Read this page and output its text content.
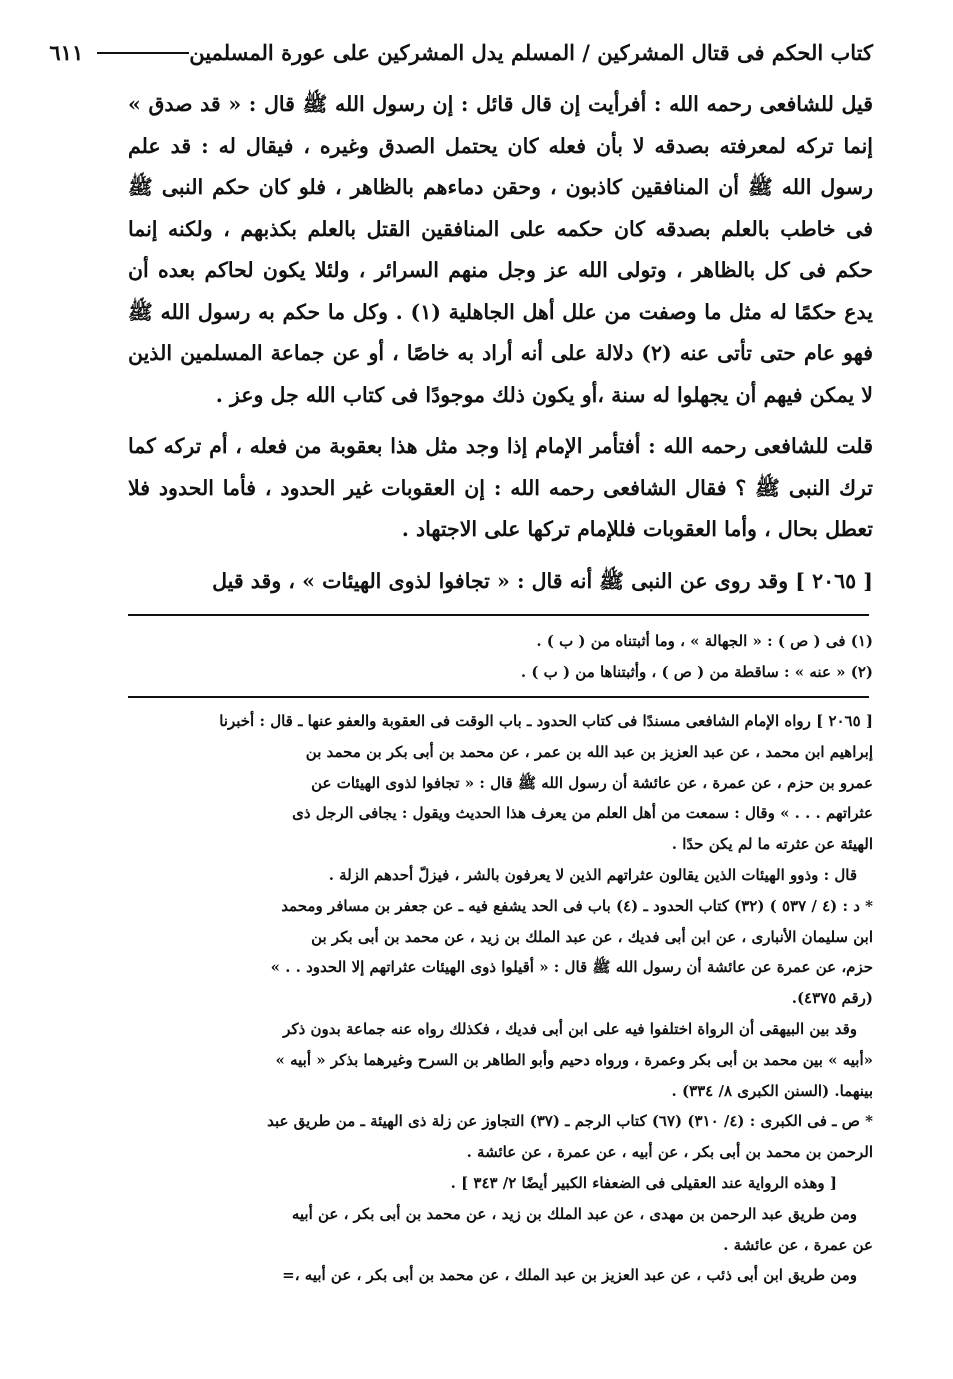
كتاب الحكم فى قتال المشركين / المسلم يدل المشركين على عورة المسلمين
٦١١

قيل للشافعى رحمه الله : أفرأيت إن قال قائل : إن رسول الله ﷺ قال : « قد صدق » إنما تركه لمعرفته بصدقه لا بأن فعله كان يحتمل الصدق وغيره ، فيقال له : قد علم رسول الله ﷺ أن المنافقين كاذبون ، وحقن دماءهم بالظاهر ، فلو كان حكم النبى ﷺ فى خاطب بالعلم بصدقه كان حكمه على المنافقين القتل بالعلم بكذبهم ، ولكنه إنما حكم فى كل بالظاهر ، وتولى الله عز وجل منهم السرائر ، ولئلا يكون لحاكم بعده أن يدع حكمًا له مثل ما وصفت من علل أهل الجاهلية (١) . وكل ما حكم به رسول الله ﷺ فهو عام حتى تأتى عنه (٢) دلالة على أنه أراد به خاصًا ، أو عن جماعة المسلمين الذين لا يمكن فيهم أن يجهلوا له سنة ،أو يكون ذلك موجودًا فى كتاب الله جل وعز .

قلت للشافعى رحمه الله : أفتأمر الإمام إذا وجد مثل هذا بعقوبة من فعله ، أم تركه كما ترك النبى ﷺ ؟ فقال الشافعى رحمه الله : إن العقوبات غير الحدود ، فأما الحدود فلا تعطل بحال ، وأما العقوبات فللإمام تركها على الاجتهاد .

[ ٢٠٦٥ ] وقد روى عن النبى ﷺ أنه قال : « تجافوا لذوى الهيئات » ، وقد قيل

(١) فى ( ص ) : « الجهالة » ، وما أثبتناه من ( ب ) .

(٢) « عنه » : ساقطة من ( ص ) ، وأثبتناها من ( ب ) .

[ ٢٠٦٥ ] رواه الإمام الشافعى مسندًا فى كتاب الحدود ـ باب الوقت فى العقوبة والعفو عنها ـ قال : أخبرنا

إبراهيم ابن محمد ، عن عبد العزيز بن عبد الله بن عمر ، عن محمد بن أبى بكر بن محمد بن

عمرو بن حزم ، عن عمرة ، عن عائشة أن رسول الله ﷺ قال : « تجافوا لذوى الهيئات عن

عثراتهم . . . » وقال : سمعت من أهل العلم من يعرف هذا الحديث ويقول : يجافى الرجل ذى

الهيئة عن عثرته ما لم يكن حدًا .

قال : وذوو الهيئات الذين يقالون عثراتهم الذين لا يعرفون بالشر ، فيزلّ أحدهم الزلة .

* د : (٤ / ٥٣٧ ) (٣٢) كتاب الحدود ـ (٤) باب فى الحد يشفع فيه ـ عن جعفر بن مسافر ومحمد

ابن سليمان الأنبارى ، عن ابن أبى فديك ، عن عبد الملك بن زيد ، عن محمد بن أبى بكر بن

حزم، عن عمرة عن عائشة أن رسول الله ﷺ قال : « أقيلوا ذوى الهيئات عثراتهم إلا الحدود . . »

(رقم ٤٣٧٥).

وقد بين البيهقى أن الرواة اختلفوا فيه على ابن أبى فديك ، فكذلك رواه عنه جماعة بدون ذكر

«أبيه » بين محمد بن أبى بكر وعمرة ، ورواه دحيم وأبو الطاهر بن السرح وغيرهما بذكر « أبيه »

بينهما. (السنن الكبرى ٨/ ٣٣٤) .

* ص ـ فى الكبرى : (٤/ ٣١٠) (٦٧) كتاب الرجم ـ (٣٧) التجاوز عن زلة ذى الهيئة ـ من طريق عبد

الرحمن بن محمد بن أبى بكر ، عن أبيه ، عن عمرة ، عن عائشة .

[ وهذه الرواية عند العقيلى فى الضعفاء الكبير أيضًا ٢/ ٣٤٣ ] .

ومن طريق عبد الرحمن بن مهدى ، عن عبد الملك بن زيد ، عن محمد بن أبى بكر ، عن أبيه

عن عمرة ، عن عائشة .

ومن طريق ابن أبى ذئب ، عن عبد العزيز بن عبد الملك ، عن محمد بن أبى بكر ، عن أبيه ،=
